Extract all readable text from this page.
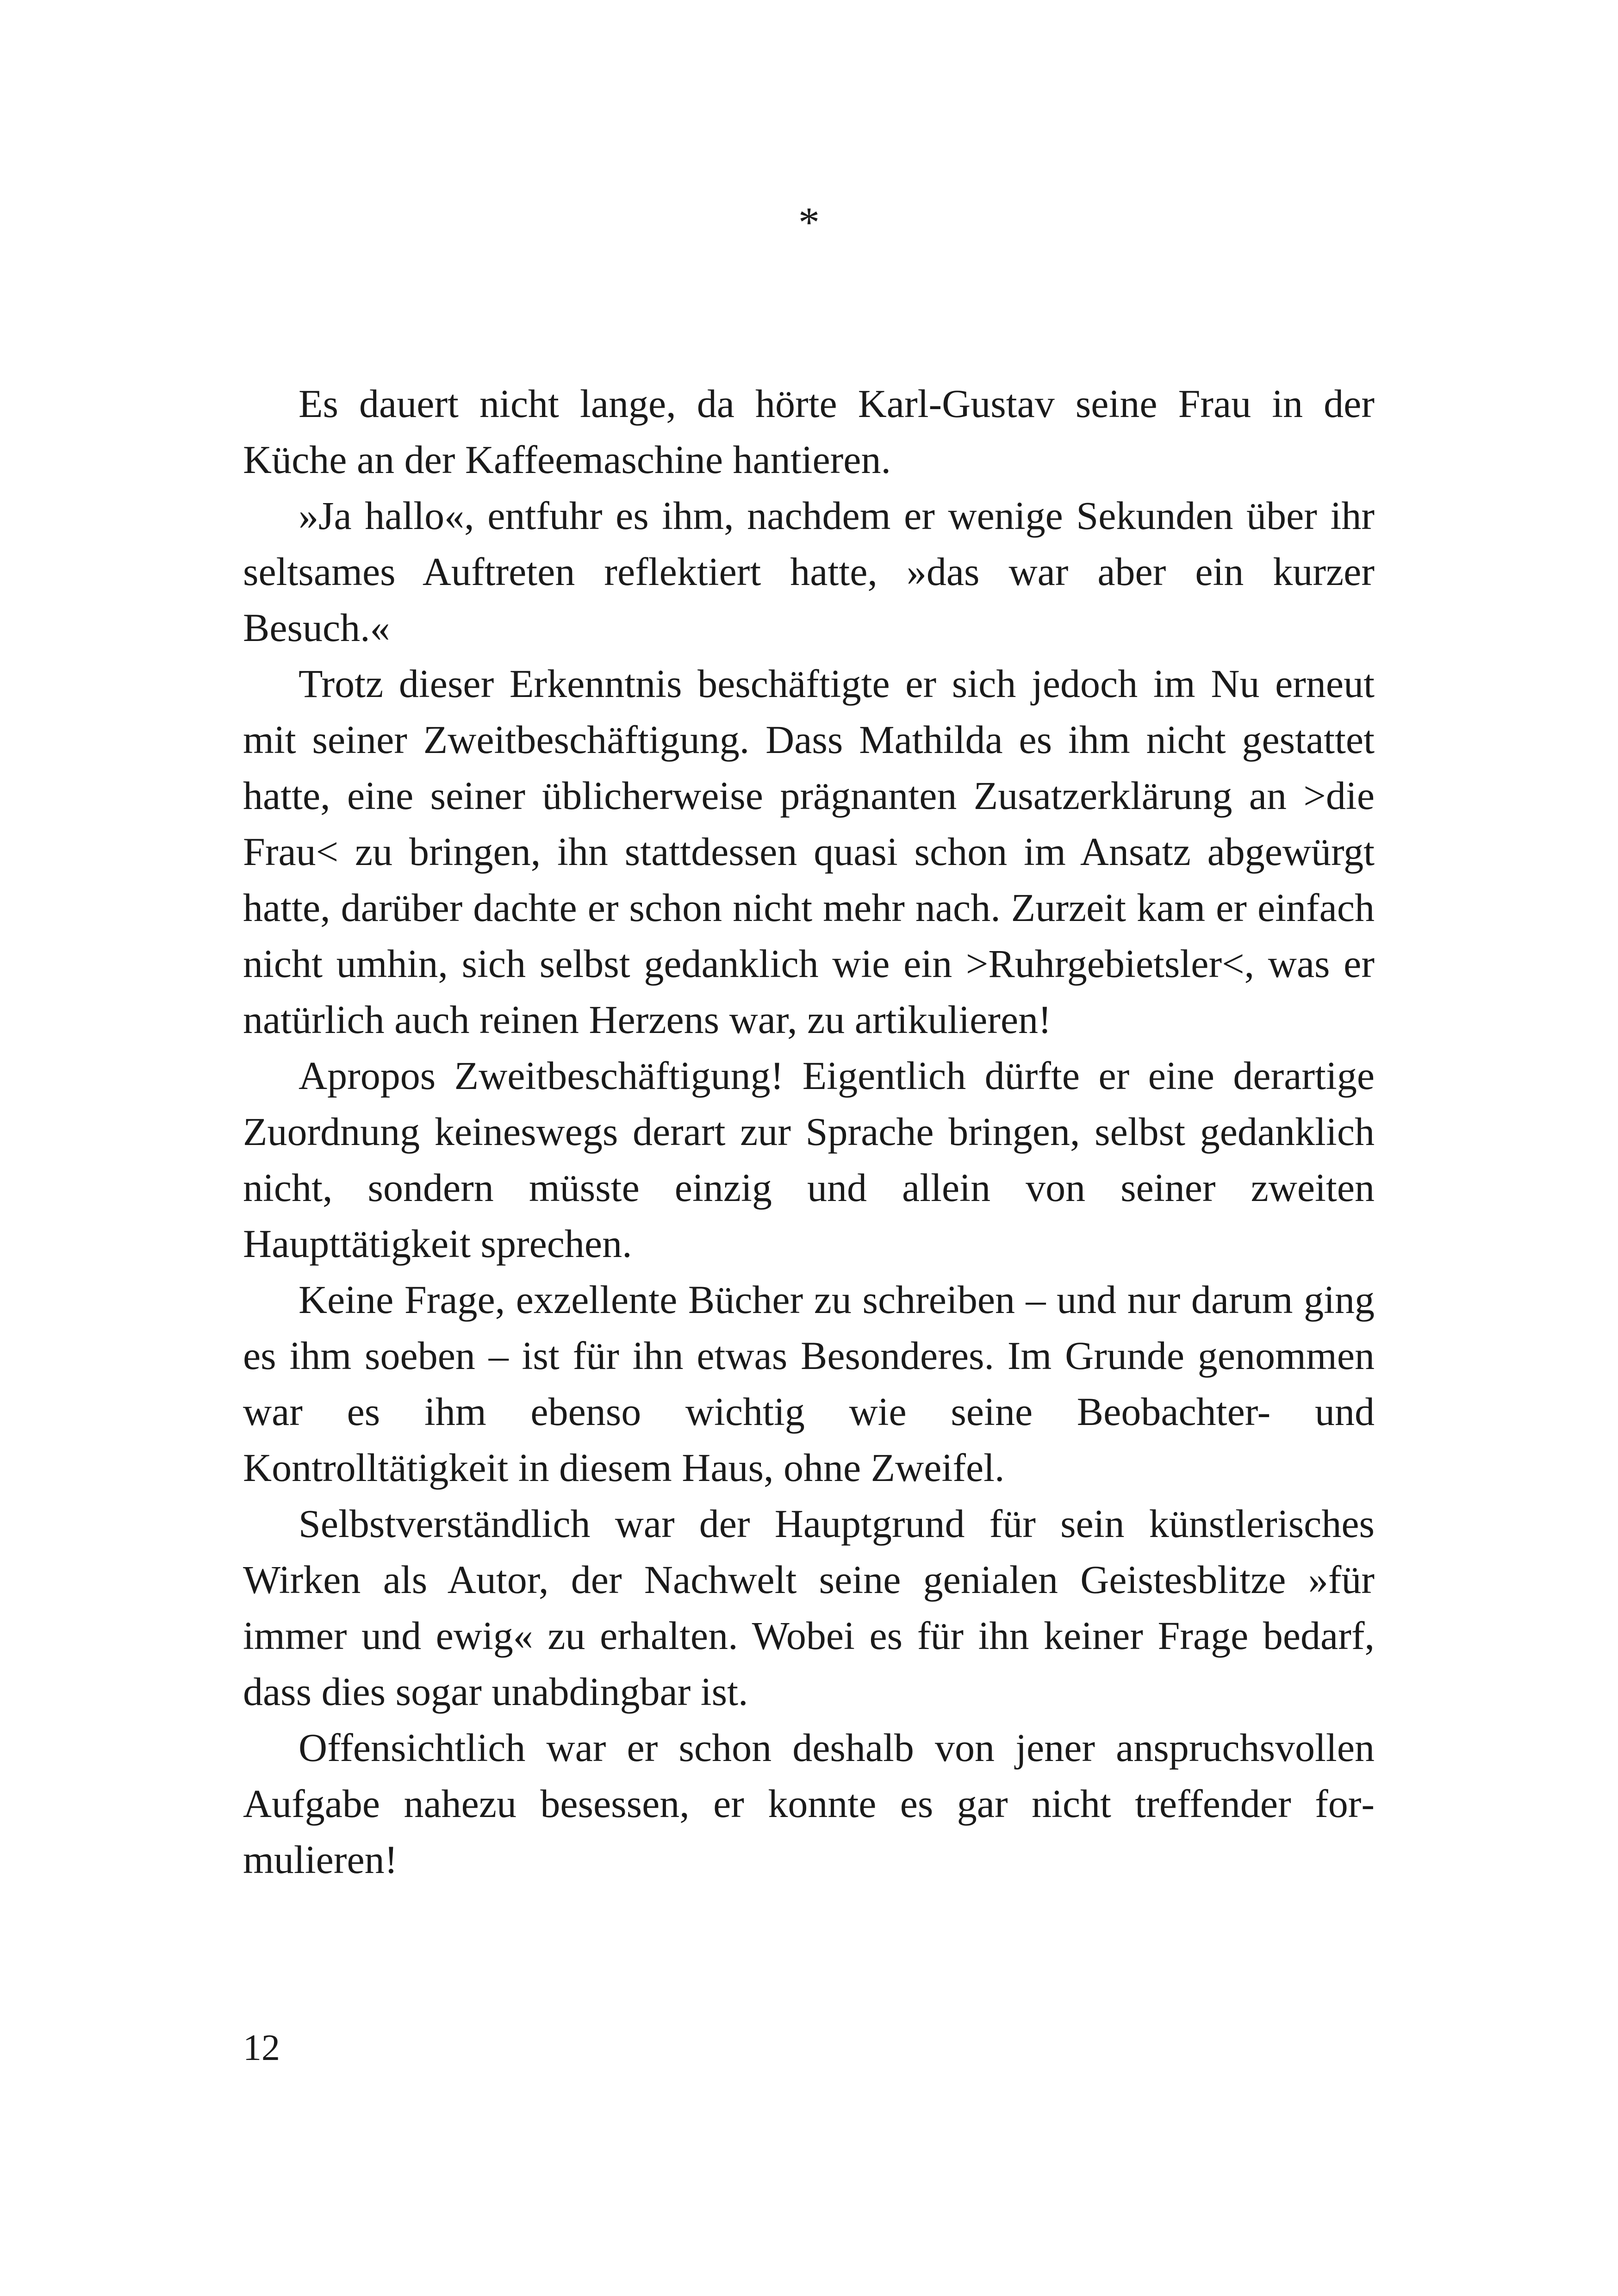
*

Es dauert nicht lange, da hörte Karl-Gustav seine Frau in der Küche an der Kaffeemaschine hantieren.

»Ja hallo«, entfuhr es ihm, nachdem er wenige Sekunden über ihr seltsames Auftreten reflektiert hatte, »das war aber ein kurzer Besuch.«

Trotz dieser Erkenntnis beschäftigte er sich jedoch im Nu erneut mit seiner Zweitbeschäftigung. Dass Mathilda es ihm nicht gestattet hatte, eine seiner üblicherweise prägnanten Zusatzerklärung an >die Frau< zu bringen, ihn stattdessen quasi schon im Ansatz abgewürgt hatte, darüber dachte er schon nicht mehr nach. Zurzeit kam er einfach nicht umhin, sich selbst gedanklich wie ein >Ruhrgebietsler<, was er natürlich auch reinen Herzens war, zu artikulieren!

Apropos Zweitbeschäftigung! Eigentlich dürfte er eine derartige Zuordnung keineswegs derart zur Sprache bringen, selbst gedanklich nicht, sondern müsste einzig und allein von seiner zweiten Haupttätigkeit sprechen.

Keine Frage, exzellente Bücher zu schreiben – und nur darum ging es ihm soeben – ist für ihn etwas Besonderes. Im Grunde genommen war es ihm ebenso wichtig wie seine Beobachter- und Kontrolltätigkeit in diesem Haus, ohne Zweifel.

Selbstverständlich war der Hauptgrund für sein künstlerisches Wirken als Autor, der Nachwelt seine genialen Geistesblitze »für immer und ewig« zu erhalten. Wobei es für ihn keiner Frage bedarf, dass dies sogar unabdingbar ist.

Offensichtlich war er schon deshalb von jener anspruchsvollen Aufgabe nahezu besessen, er konnte es gar nicht treffender formulieren!

12
